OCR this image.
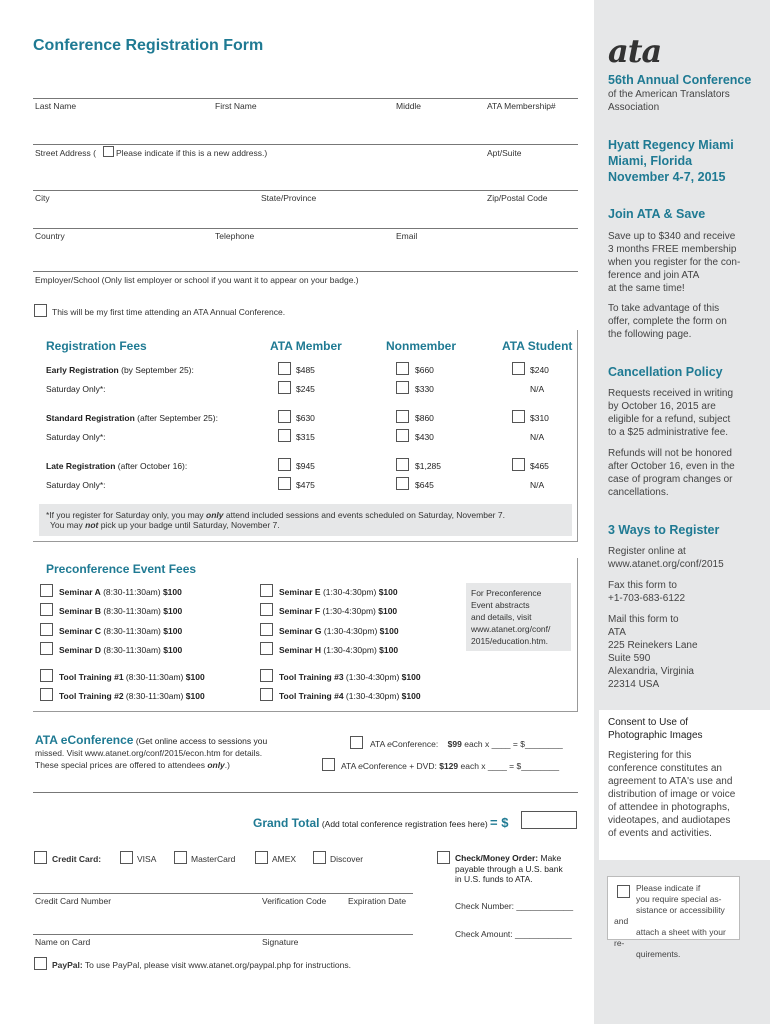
Conference Registration Form
Last Name	First Name	Middle	ATA Membership#
Street Address ( Please indicate if this is a new address.)	Apt/Suite
City	State/Province	Zip/Postal Code
Country	Telephone	Email
Employer/School (Only list employer or school if you want it to appear on your badge.)
This will be my first time attending an ATA Annual Conference.
Registration Fees	ATA Member	Nonmember	ATA Student
Early Registration (by September 25):	$485	$660	$240
Saturday Only*:	$245	$330	N/A
Standard Registration (after September 25):	$630	$860	$310
Saturday Only*:	$315	$430	N/A
Late Registration (after October 16):	$945	$1,285	$465
Saturday Only*:	$475	$645	N/A
*If you register for Saturday only, you may only attend included sessions and events scheduled on Saturday, November 7.
You may not pick up your badge until Saturday, November 7.
Preconference Event Fees
Seminar A (8:30-11:30am) $100
Seminar B (8:30-11:30am) $100
Seminar C (8:30-11:30am) $100
Seminar D (8:30-11:30am) $100
Tool Training #1 (8:30-11:30am) $100
Tool Training #2 (8:30-11:30am) $100
Seminar E (1:30-4:30pm) $100
Seminar F (1:30-4:30pm) $100
Seminar G (1:30-4:30pm) $100
Seminar H (1:30-4:30pm) $100
Tool Training #3 (1:30-4:30pm) $100
Tool Training #4 (1:30-4:30pm) $100
For Preconference
Event abstracts
and details, visit
www.atanet.org/conf/
2015/education.htm.
ATA eConference (Get online access to sessions you
missed. Visit www.atanet.org/conf/2015/econ.htm for details.
These special prices are offered to attendees only.)
ATA eConference: $99 each x ____ = $________
ATA eConference + DVD: $129 each x ____ = $________
Grand Total (Add total conference registration fees here) = $
Credit Card:	VISA	MasterCard	AMEX	Discover	Check/Money Order: Make
payable through a U.S. bank
in U.S. funds to ATA.
Credit Card Number	Verification Code	Expiration Date	Check Number: ____________
Name on Card	Signature
Check Amount: ____________
PayPal: To use PayPal, please visit www.atanet.org/paypal.php for instructions.
ata
56th Annual Conference
of the American Translators
Association
Hyatt Regency Miami
Miami, Florida
November 4-7, 2015
Join ATA & Save
Save up to $340 and receive
3 months FREE membership
when you register for the con-
ference and join ATA
at the same time!
To take advantage of this
offer, complete the form on
the following page.
Cancellation Policy
Requests received in writing
by October 16, 2015 are
eligible for a refund, subject
to a $25 administrative fee.
Refunds will not be honored
after October 16, even in the
case of program changes or
cancellations.
3 Ways to Register
Register online at
www.atanet.org/conf/2015
Fax this form to
+1-703-683-6122
Mail this form to
ATA
225 Reinekers Lane
Suite 590
Alexandria, Virginia
22314 USA
Consent to Use of
Photographic Images
Registering for this
conference constitutes an
agreement to ATA's use and
distribution of image or voice
of attendee in photographs,
videotapes, and audiotapes
of events and activities.
Please indicate if
you require special as-
sistance or accessibility and
attach a sheet with your re-
quirements.
